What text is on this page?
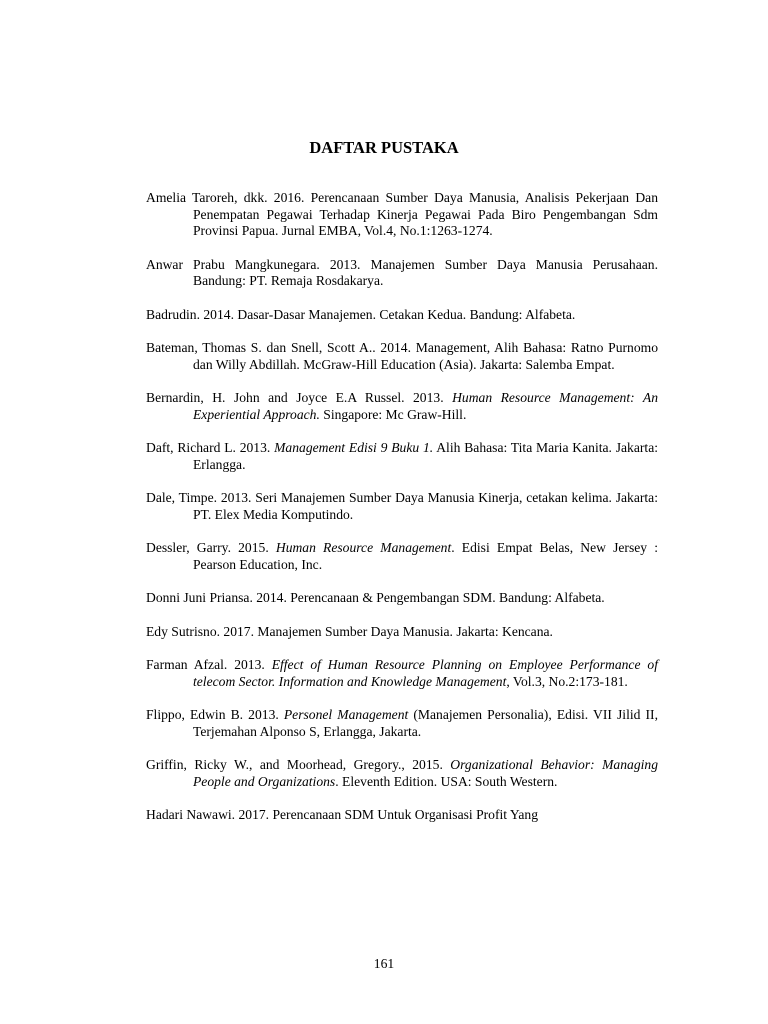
DAFTAR PUSTAKA

Amelia Taroreh, dkk. 2016. Perencanaan Sumber Daya Manusia, Analisis Pekerjaan Dan Penempatan Pegawai Terhadap Kinerja Pegawai Pada Biro Pengembangan Sdm Provinsi Papua. Jurnal EMBA, Vol.4, No.1:1263-1274.

Anwar Prabu Mangkunegara. 2013. Manajemen Sumber Daya Manusia Perusahaan. Bandung: PT. Remaja Rosdakarya.

Badrudin. 2014. Dasar-Dasar Manajemen. Cetakan Kedua. Bandung: Alfabeta.

Bateman, Thomas S. dan Snell, Scott A.. 2014. Management, Alih Bahasa: Ratno Purnomo dan Willy Abdillah. McGraw-Hill Education (Asia). Jakarta: Salemba Empat.

Bernardin, H. John and Joyce E.A Russel. 2013. Human Resource Management: An Experiential Approach. Singapore: Mc Graw-Hill.

Daft, Richard L. 2013. Management Edisi 9 Buku 1. Alih Bahasa: Tita Maria Kanita. Jakarta: Erlangga.

Dale, Timpe. 2013. Seri Manajemen Sumber Daya Manusia Kinerja, cetakan kelima. Jakarta: PT. Elex Media Komputindo.

Dessler, Garry. 2015. Human Resource Management. Edisi Empat Belas, New Jersey : Pearson Education, Inc.

Donni Juni Priansa. 2014. Perencanaan & Pengembangan SDM. Bandung: Alfabeta.

Edy Sutrisno. 2017. Manajemen Sumber Daya Manusia. Jakarta: Kencana.

Farman Afzal. 2013. Effect of Human Resource Planning on Employee Performance of telecom Sector. Information and Knowledge Management, Vol.3, No.2:173-181.

Flippo, Edwin B. 2013. Personel Management (Manajemen Personalia), Edisi. VII Jilid II, Terjemahan Alponso S, Erlangga, Jakarta.

Griffin, Ricky W., and Moorhead, Gregory., 2015. Organizational Behavior: Managing People and Organizations. Eleventh Edition. USA: South Western.

Hadari Nawawi. 2017. Perencanaan SDM Untuk Organisasi Profit Yang

161
